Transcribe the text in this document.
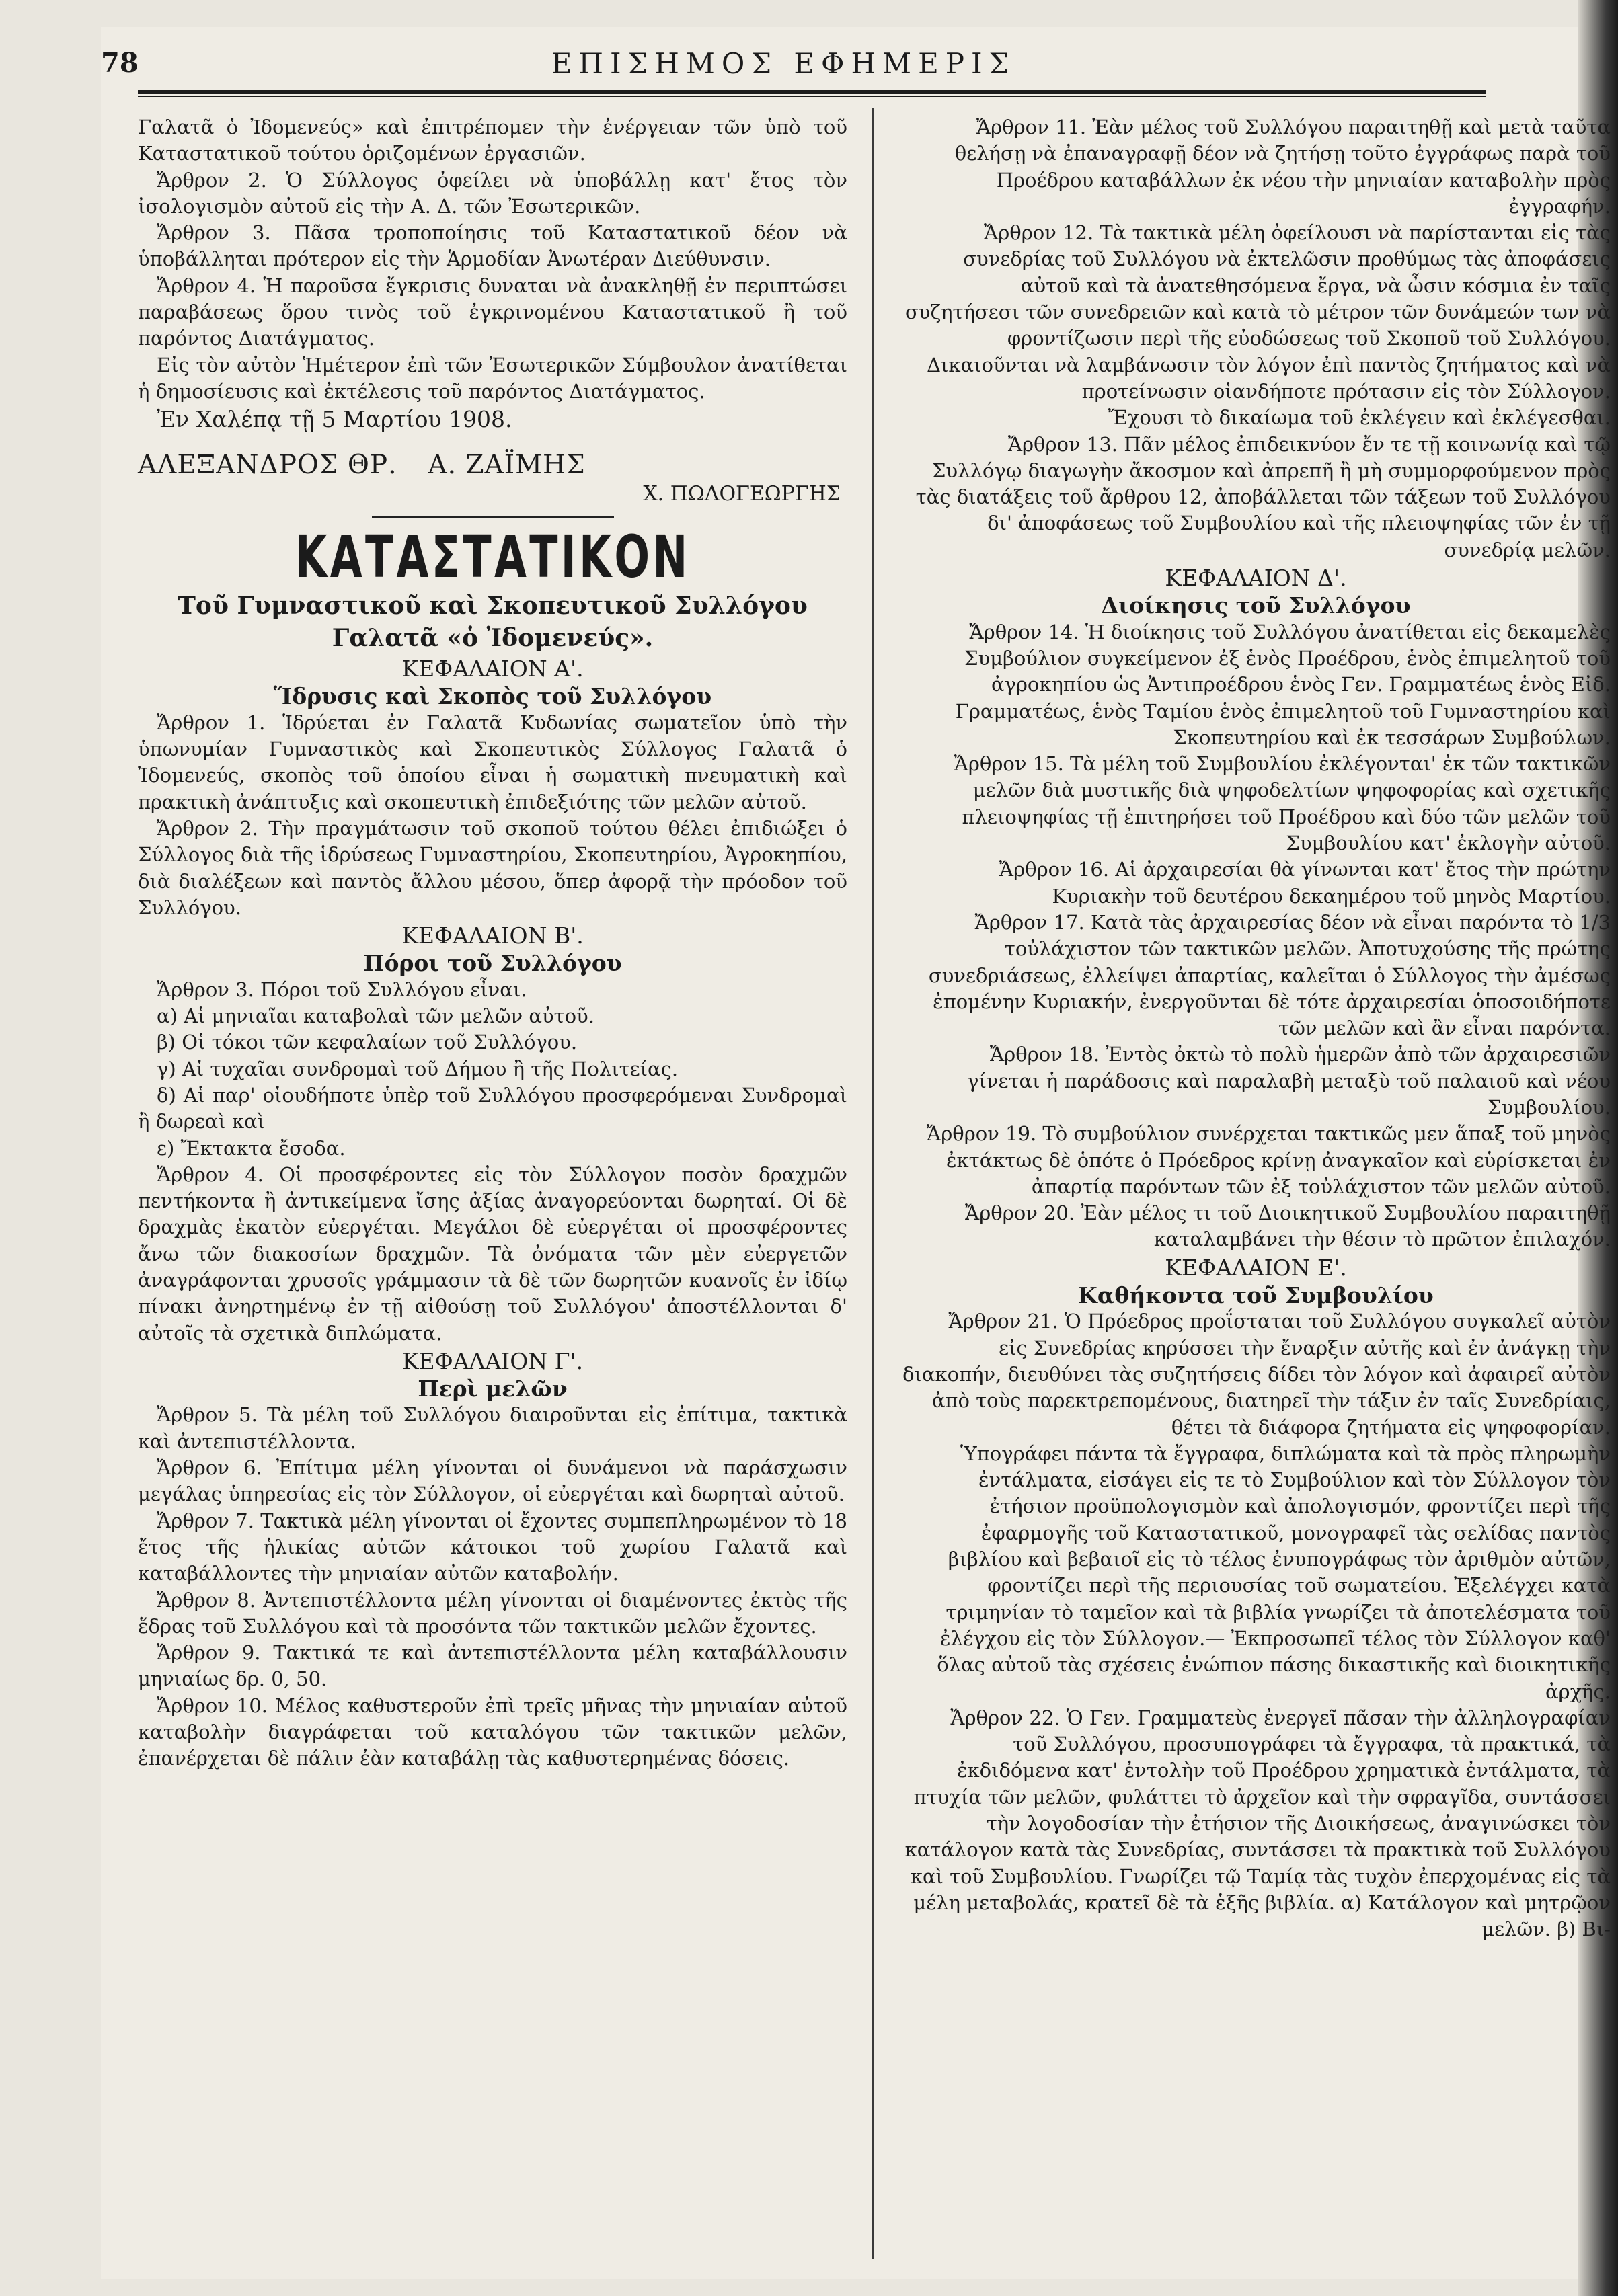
78	ΕΠΙΣΗΜΟΣ ΕΦΗΜΕΡΙΣ

Γαλατᾶ ὁ Ἰδομενεύς» καὶ ἐπιτρέπομεν τὴν ἐνέργειαν τῶν ὑπὸ τοῦ Καταστατικοῦ τούτου ὁριζομένων ἐργασιῶν.

Ἄρθρον 2. Ὁ Σύλλογος ὀφείλει νὰ ὑποβάλλῃ κατ' ἔτος τὸν ἰσολογισμὸν αὐτοῦ εἰς τὴν Α. Δ. τῶν Ἐσωτερικῶν.

Ἄρθρον 3. Πᾶσα τροποποίησις τοῦ Καταστατικοῦ δέον νὰ ὑποβάλληται πρότερον εἰς τὴν Ἁρμοδίαν Ἀνωτέραν Διεύθυνσιν.

Ἄρθρον 4. Ἡ παροῦσα ἔγκρισις δυναται νὰ ἀνακληθῇ ἐν περιπτώσει παραβάσεως ὅρου τινὸς τοῦ ἐγκρινομένου Καταστατικοῦ ἢ τοῦ παρόντος Διατάγματος.

Εἰς τὸν αὐτὸν Ἡμέτερον ἐπὶ τῶν Ἐσωτερικῶν Σύμβουλον ἀνατίθεται ἡ δημοσίευσις καὶ ἐκτέλεσις τοῦ παρόντος Διατάγματος.

Ἐν Χαλέπᾳ τῇ 5 Μαρτίου 1908.

ΑΛΕΞΑΝΔΡΟΣ ΘΡ. Α. ΖΑΪΜΗΣ

Χ. ΠΩΛΟΓΕΩΡΓΗΣ

ΚΑΤΑΣΤΑΤΙΚΟΝ

Τοῦ Γυμναστικοῦ καὶ Σκοπευτικοῦ Συλλόγου Γαλατᾶ «ὁ Ἰδομενεύς».

ΚΕΦΑΛΑΙΟΝ Α'.

Ἵδρυσις καὶ Σκοπὸς τοῦ Συλλόγου

Ἄρθρον 1. Ἱδρύεται ἐν Γαλατᾶ Κυδωνίας σωματεῖον ὑπὸ τὴν ὑπωνυμίαν Γυμναστικὸς καὶ Σκοπευτικὸς Σύλλογος Γαλατᾶ ὁ Ἰδομενεύς, σκοπὸς τοῦ ὁποίου εἶναι ἡ σωματικὴ πνευματικὴ καὶ πρακτικὴ ἀνάπτυξις καὶ σκοπευτικὴ ἐπιδεξιότης τῶν μελῶν αὐτοῦ.

Ἄρθρον 2. Τὴν πραγμάτωσιν τοῦ σκοποῦ τούτου θέλει ἐπιδιώξει ὁ Σύλλογος διὰ τῆς ἱδρύσεως Γυμναστηρίου, Σκοπευτηρίου, Ἀγροκηπίου, διὰ διαλέξεων καὶ παντὸς ἄλλου μέσου, ὅπερ ἀφορᾷ τὴν πρόοδον τοῦ Συλλόγου.

ΚΕΦΑΛΑΙΟΝ Β'.

Πόροι τοῦ Συλλόγου

Ἄρθρον 3. Πόροι τοῦ Συλλόγου εἶναι.

α) Αἱ μηνιαῖαι καταβολαὶ τῶν μελῶν αὐτοῦ.

β) Οἱ τόκοι τῶν κεφαλαίων τοῦ Συλλόγου.

γ) Αἱ τυχαῖαι συνδρομαὶ τοῦ Δήμου ἢ τῆς Πολιτείας.

δ) Αἱ παρ' οἱουδήποτε ὑπὲρ τοῦ Συλλόγου προσφερόμεναι Συνδρομαὶ ἢ δωρεαὶ καὶ

ε) Ἔκτακτα ἔσοδα.

Ἄρθρον 4. Οἱ προσφέροντες εἰς τὸν Σύλλογον ποσὸν δραχμῶν πεντήκοντα ἢ ἀντικείμενα ἴσης ἀξίας ἀναγορεύονται δωρηταί. Οἱ δὲ δραχμὰς ἑκατὸν εὐεργέται. Μεγάλοι δὲ εὐεργέται οἱ προσφέροντες ἄνω τῶν διακοσίων δραχμῶν. Τὰ ὀνόματα τῶν μὲν εὐεργετῶν ἀναγράφονται χρυσοῖς γράμμασιν τὰ δὲ τῶν δωρητῶν κυανοῖς ἐν ἰδίῳ πίνακι ἀνηρτημένῳ ἐν τῇ αἰθούσῃ τοῦ Συλλόγου' ἀποστέλλονται δ' αὐτοῖς τὰ σχετικὰ διπλώματα.

ΚΕΦΑΛΑΙΟΝ Γ'.

Περὶ μελῶν

Ἄρθρον 5. Τὰ μέλη τοῦ Συλλόγου διαιροῦνται εἰς ἐπίτιμα, τακτικὰ καὶ ἀντεπιστέλλοντα.

Ἄρθρον 6. Ἐπίτιμα μέλη γίνονται οἱ δυνάμενοι νὰ παράσχωσιν μεγάλας ὑπηρεσίας εἰς τὸν Σύλλογον, οἱ εὐεργέται καὶ δωρηταὶ αὐτοῦ.

Ἄρθρον 7. Τακτικὰ μέλη γίνονται οἱ ἔχοντες συμπεπληρωμένον τὸ 18 ἔτος τῆς ἡλικίας αὐτῶν κάτοικοι τοῦ χωρίου Γαλατᾶ καὶ καταβάλλοντες τὴν μηνιαίαν αὐτῶν καταβολήν.

Ἄρθρον 8. Ἀντεπιστέλλοντα μέλη γίνονται οἱ διαμένοντες ἐκτὸς τῆς ἕδρας τοῦ Συλλόγου καὶ τὰ προσόντα τῶν τακτικῶν μελῶν ἔχοντες.

Ἄρθρον 9. Τακτικά τε καὶ ἀντεπιστέλλοντα μέλη καταβάλλουσιν μηνιαίως δρ. 0, 50.

Ἄρθρον 10. Μέλος καθυστεροῦν ἐπὶ τρεῖς μῆνας τὴν μηνιαίαν αὐτοῦ καταβολὴν διαγράφεται τοῦ καταλόγου τῶν τακτικῶν μελῶν, ἐπανέρχεται δὲ πάλιν ἐὰν καταβάλῃ τὰς καθυστερημένας δόσεις.

Ἄρθρον 11. Ἐὰν μέλος τοῦ Συλλόγου παραιτηθῇ καὶ μετὰ ταῦτα θελήσῃ νὰ ἐπαναγραφῇ δέον νὰ ζητήσῃ τοῦτο ἐγγράφως παρὰ τοῦ Προέδρου καταβάλλων ἐκ νέου τὴν μηνιαίαν καταβολὴν πρὸς ἐγγραφήν.

Ἄρθρον 12. Τὰ τακτικὰ μέλη ὀφείλουσι νὰ παρίστανται εἰς τὰς συνεδρίας τοῦ Συλλόγου νὰ ἐκτελῶσιν προθύμως τὰς ἀποφάσεις αὐτοῦ καὶ τὰ ἀνατεθησόμενα ἔργα, νὰ ὦσιν κόσμια ἐν ταῖς συζητήσεσι τῶν συνεδρειῶν καὶ κατὰ τὸ μέτρον τῶν δυνάμεών των νὰ φροντίζωσιν περὶ τῆς εὐοδώσεως τοῦ Σκοποῦ τοῦ Συλλόγου. Δικαιοῦνται νὰ λαμβάνωσιν τὸν λόγον ἐπὶ παντὸς ζητήματος καὶ νὰ προτείνωσιν οἱανδήποτε πρότασιν εἰς τὸν Σύλλογον.

Ἔχουσι τὸ δικαίωμα τοῦ ἐκλέγειν καὶ ἐκλέγεσθαι.

Ἄρθρον 13. Πᾶν μέλος ἐπιδεικνύον ἔν τε τῇ κοινωνίᾳ καὶ τῷ Συλλόγῳ διαγωγὴν ἄκοσμον καὶ ἀπρεπῆ ἢ μὴ συμμορφούμενον πρὸς τὰς διατάξεις τοῦ ἄρθρου 12, ἀποβάλλεται τῶν τάξεων τοῦ Συλλόγου δι' ἀποφάσεως τοῦ Συμβουλίου καὶ τῆς πλειοψηφίας τῶν ἐν τῇ συνεδρίᾳ μελῶν.

ΚΕΦΑΛΑΙΟΝ Δ'.

Διοίκησις τοῦ Συλλόγου

Ἄρθρον 14. Ἡ διοίκησις τοῦ Συλλόγου ἀνατίθεται εἰς δεκαμελὲς Συμβούλιον συγκείμενον ἐξ ἑνὸς Προέδρου, ἑνὸς ἐπιμελητοῦ τοῦ ἀγροκηπίου ὡς Ἀντιπροέδρου ἑνὸς Γεν. Γραμματέως ἑνὸς Εἰδ. Γραμματέως, ἑνὸς Ταμίου ἑνὸς ἐπιμελητοῦ τοῦ Γυμναστηρίου καὶ Σκοπευτηρίου καὶ ἐκ τεσσάρων Συμβούλων.

Ἄρθρον 15. Τὰ μέλη τοῦ Συμβουλίου ἐκλέγονται' ἐκ τῶν τακτικῶν μελῶν διὰ μυστικῆς διὰ ψηφοδελτίων ψηφοφορίας καὶ σχετικῆς πλειοψηφίας τῇ ἐπιτηρήσει τοῦ Προέδρου καὶ δύο τῶν μελῶν τοῦ Συμβουλίου κατ' ἐκλογὴν αὐτοῦ.

Ἄρθρον 16. Αἱ ἀρχαιρεσίαι θὰ γίνωνται κατ' ἔτος τὴν πρώτην Κυριακὴν τοῦ δευτέρου δεκαημέρου τοῦ μηνὸς Μαρτίου.

Ἄρθρον 17. Κατὰ τὰς ἀρχαιρεσίας δέον νὰ εἶναι παρόντα τὸ 1/3 τοὐλάχιστον τῶν τακτικῶν μελῶν. Ἀποτυχούσης τῆς πρώτης συνεδριάσεως, ἐλλείψει ἀπαρτίας, καλεῖται ὁ Σύλλογος τὴν ἀμέσως ἐπομένην Κυριακήν, ἐνεργοῦνται δὲ τότε ἀρχαιρεσίαι ὁποσοιδήποτε τῶν μελῶν καὶ ἂν εἶναι παρόντα.

Ἄρθρον 18. Ἐντὸς ὀκτὼ τὸ πολὺ ἡμερῶν ἀπὸ τῶν ἀρχαιρεσιῶν γίνεται ἡ παράδοσις καὶ παραλαβὴ μεταξὺ τοῦ παλαιοῦ καὶ νέου Συμβουλίου.

Ἄρθρον 19. Τὸ συμβούλιον συνέρχεται τακτικῶς μεν ἅπαξ τοῦ μηνὸς ἐκτάκτως δὲ ὁπότε ὁ Πρόεδρος κρίνῃ ἀναγκαῖον καὶ εὑρίσκεται ἐν ἀπαρτίᾳ παρόντων τῶν ἐξ τοὐλάχιστον τῶν μελῶν αὐτοῦ.

Ἄρθρον 20. Ἐὰν μέλος τι τοῦ Διοικητικοῦ Συμβουλίου παραιτηθῇ καταλαμβάνει τὴν θέσιν τὸ πρῶτον ἐπιλαχόν.

ΚΕΦΑΛΑΙΟΝ Ε'.

Καθήκοντα τοῦ Συμβουλίου

Ἄρθρον 21. Ὁ Πρόεδρος προΐσταται τοῦ Συλλόγου συγκαλεῖ αὐτὸν εἰς Συνεδρίας κηρύσσει τὴν ἔναρξιν αὐτῆς καὶ ἐν ἀνάγκῃ τὴν διακοπήν, διευθύνει τὰς συζητήσεις δίδει τὸν λόγον καὶ ἀφαιρεῖ αὐτὸν ἀπὸ τοὺς παρεκτρεπομένους, διατηρεῖ τὴν τάξιν ἐν ταῖς Συνεδρίαις, θέτει τὰ διάφορα ζητήματα εἰς ψηφοφορίαν.

Ὑπογράφει πάντα τὰ ἔγγραφα, διπλώματα καὶ τὰ πρὸς πληρωμὴν ἐντάλματα, εἰσάγει εἰς τε τὸ Συμβούλιον καὶ τὸν Σύλλογον τὸν ἐτήσιον προϋπολογισμὸν καὶ ἀπολογισμόν, φροντίζει περὶ τῆς ἐφαρμογῆς τοῦ Καταστατικοῦ, μονογραφεῖ τὰς σελίδας παντὸς βιβλίου καὶ βεβαιοῖ εἰς τὸ τέλος ἐνυπογράφως τὸν ἀριθμὸν αὐτῶν, φροντίζει περὶ τῆς περιουσίας τοῦ σωματείου. Ἐξελέγχει κατὰ τριμηνίαν τὸ ταμεῖον καὶ τὰ βιβλία γνωρίζει τὰ ἀποτελέσματα τοῦ ἐλέγχου εἰς τὸν Σύλλογον.— Ἐκπροσωπεῖ τέλος τὸν Σύλλογον καθ' ὅλας αὐτοῦ τὰς σχέσεις ἐνώπιον πάσης δικαστικῆς καὶ διοικητικῆς ἀρχῆς.

Ἄρθρον 22. Ὁ Γεν. Γραμματεὺς ἐνεργεῖ πᾶσαν τὴν ἀλληλογραφίαν τοῦ Συλλόγου, προσυπογράφει τὰ ἔγγραφα, τὰ πρακτικά, τὰ ἐκδιδόμενα κατ' ἐντολὴν τοῦ Προέδρου χρηματικὰ ἐντάλματα, τὰ πτυχία τῶν μελῶν, φυλάττει τὸ ἀρχεῖον καὶ τὴν σφραγῖδα, συντάσσει τὴν λογοδοσίαν τὴν ἐτήσιον τῆς Διοικήσεως, ἀναγινώσκει τὸν κατάλογον κατὰ τὰς Συνεδρίας, συντάσσει τὰ πρακτικὰ τοῦ Συλλόγου καὶ τοῦ Συμβουλίου. Γνωρίζει τῷ Ταμίᾳ τὰς τυχὸν ἐπερχομένας εἰς τὰ μέλη μεταβολάς, κρατεῖ δὲ τὰ ἑξῆς βιβλία. α) Κατάλογον καὶ μητρῷον μελῶν. β) Βι-
